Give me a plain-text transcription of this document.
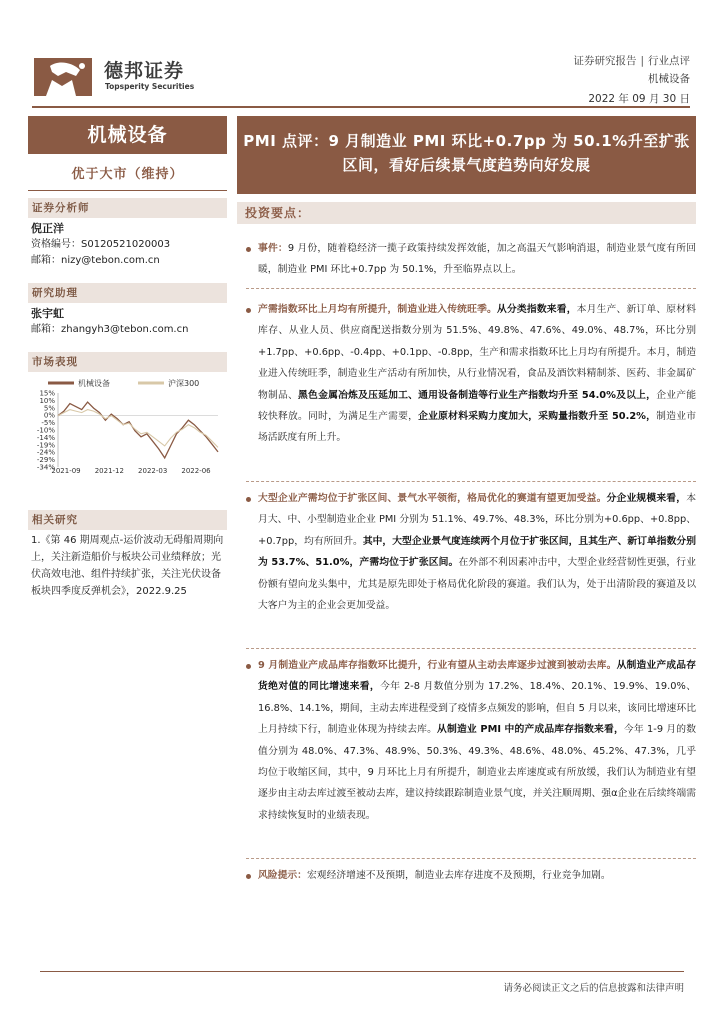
德邦证券
Topsperity Securities
证券研究报告 | 行业点评
机械设备
2022 年 09 月 30 日
机械设备
优于大市（维持）
PMI 点评：9 月制造业 PMI 环比+0.7pp 为 50.1%升至扩张区间，看好后续景气度趋势向好发展
证券分析师
倪正洋
资格编号：S0120521020003
邮箱：nizy@tebon.com.cn
研究助理
张宇虹
邮箱：zhangyh3@tebon.com.cn
市场表现
机械设备	沪深300
15%
10%
5%
0%
-5%
-10%
-14%
-19%
-24%
-29%
-34%
2021-09 2021-12 2022-03 2022-06
相关研究
1.《第 46 期周观点-运价波动无碍船周期向上，关注新造船价与板块公司业绩释放；光伏高效电池、组件持续扩张，关注光伏设备板块四季度反弹机会》，2022.9.25
投资要点：
事件：9 月份，随着稳经济一揽子政策持续发挥效能，加之高温天气影响消退，制造业景气度有所回暖，制造业 PMI 环比+0.7pp 为 50.1%，升至临界点以上。
产需指数环比上月均有所提升，制造业进入传统旺季。从分类指数来看，本月生产、新订单、原材料库存、从业人员、供应商配送指数分别为 51.5%、49.8%、47.6%、49.0%、48.7%，环比分别+1.7pp、+0.6pp、-0.4pp、+0.1pp、-0.8pp，生产和需求指数环比上月均有所提升。本月，制造业进入传统旺季，制造业生产活动有所加快，从行业情况看，食品及酒饮料精制茶、医药、非金属矿物制品、黑色金属冶炼及压延加工、通用设备制造等行业生产指数均升至 54.0%及以上，企业产能较快释放。同时，为满足生产需要，企业原材料采购力度加大，采购量指数升至 50.2%，制造业市场活跃度有所上升。
大型企业产需均位于扩张区间、景气水平领衔，格局优化的赛道有望更加受益。分企业规模来看，本月大、中、小型制造业企业 PMI 分别为 51.1%、49.7%、48.3%，环比分别为+0.6pp、+0.8pp、+0.7pp，均有所回升。其中，大型企业景气度连续两个月位于扩张区间，且其生产、新订单指数分别为 53.7%、51.0%，产需均位于扩张区间。在外部不利因素冲击中，大型企业经营韧性更强，行业份额有望向龙头集中，尤其是原先即处于格局优化阶段的赛道。我们认为，处于出清阶段的赛道及以大客户为主的企业会更加受益。
9 月制造业产成品库存指数环比提升，行业有望从主动去库逐步过渡到被动去库。从制造业产成品存货绝对值的同比增速来看，今年 2-8 月数值分别为 17.2%、18.4%、20.1%、19.9%、19.0%、16.8%、14.1%，期间，主动去库进程受到了疫情多点频发的影响，但自 5 月以来，该同比增速环比上月持续下行，制造业体现为持续去库。从制造业 PMI 中的产成品库存指数来看，今年 1-9 月的数值分别为 48.0%、47.3%、48.9%、50.3%、49.3%、48.6%、48.0%、45.2%、47.3%，几乎均位于收缩区间，其中，9 月环比上月有所提升，制造业去库速度或有所放缓，我们认为制造业有望逐步由主动去库过渡至被动去库，建议持续跟踪制造业景气度，并关注顺周期、强α企业在后续终端需求持续恢复时的业绩表现。
风险提示：宏观经济增速不及预期，制造业去库存进度不及预期，行业竞争加剧。
请务必阅读正文之后的信息披露和法律声明
